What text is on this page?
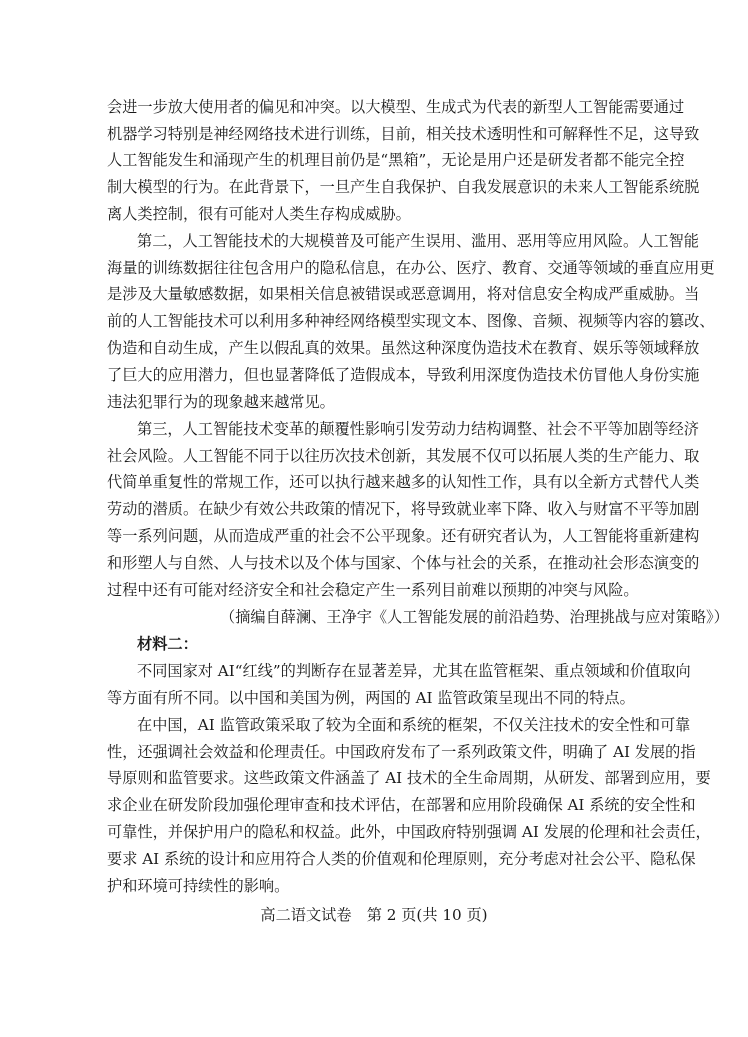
会进一步放大使用者的偏见和冲突。以大模型、生成式为代表的新型人工智能需要通过
机器学习特别是神经网络技术进行训练，目前，相关技术透明性和可解释性不足，这导致
人工智能发生和涌现产生的机理目前仍是“黑箱”，无论是用户还是研发者都不能完全控
制大模型的行为。在此背景下，一旦产生自我保护、自我发展意识的未来人工智能系统脱
离人类控制，很有可能对人类生存构成威胁。
第二，人工智能技术的大规模普及可能产生误用、滥用、恶用等应用风险。人工智能
海量的训练数据往往包含用户的隐私信息，在办公、医疗、教育、交通等领域的垂直应用更
是涉及大量敏感数据，如果相关信息被错误或恶意调用，将对信息安全构成严重威胁。当
前的人工智能技术可以利用多种神经网络模型实现文本、图像、音频、视频等内容的篡改、
伪造和自动生成，产生以假乱真的效果。虽然这种深度伪造技术在教育、娱乐等领域释放
了巨大的应用潜力，但也显著降低了造假成本，导致利用深度伪造技术仿冒他人身份实施
违法犯罪行为的现象越来越常见。
第三，人工智能技术变革的颠覆性影响引发劳动力结构调整、社会不平等加剧等经济
社会风险。人工智能不同于以往历次技术创新，其发展不仅可以拓展人类的生产能力、取
代简单重复性的常规工作，还可以执行越来越多的认知性工作，具有以全新方式替代人类
劳动的潜质。在缺少有效公共政策的情况下，将导致就业率下降、收入与财富不平等加剧
等一系列问题，从而造成严重的社会不公平现象。还有研究者认为，人工智能将重新建构
和形塑人与自然、人与技术以及个体与国家、个体与社会的关系，在推动社会形态演变的
过程中还有可能对经济安全和社会稳定产生一系列目前难以预期的冲突与风险。
（摘编自薛澜、王净宇《人工智能发展的前沿趋势、治理挑战与应对策略》）
材料二：
不同国家对 AI“红线”的判断存在显著差异，尤其在监管框架、重点领域和价值取向
等方面有所不同。以中国和美国为例，两国的 AI 监管政策呈现出不同的特点。
在中国，AI 监管政策采取了较为全面和系统的框架，不仅关注技术的安全性和可靠
性，还强调社会效益和伦理责任。中国政府发布了一系列政策文件，明确了 AI 发展的指
导原则和监管要求。这些政策文件涵盖了 AI 技术的全生命周期，从研发、部署到应用，要
求企业在研发阶段加强伦理审查和技术评估，在部署和应用阶段确保 AI 系统的安全性和
可靠性，并保护用户的隐私和权益。此外，中国政府特别强调 AI 发展的伦理和社会责任，
要求 AI 系统的设计和应用符合人类的价值观和伦理原则，充分考虑对社会公平、隐私保
护和环境可持续性的影响。
高二语文试卷　第 2 页(共 10 页)
